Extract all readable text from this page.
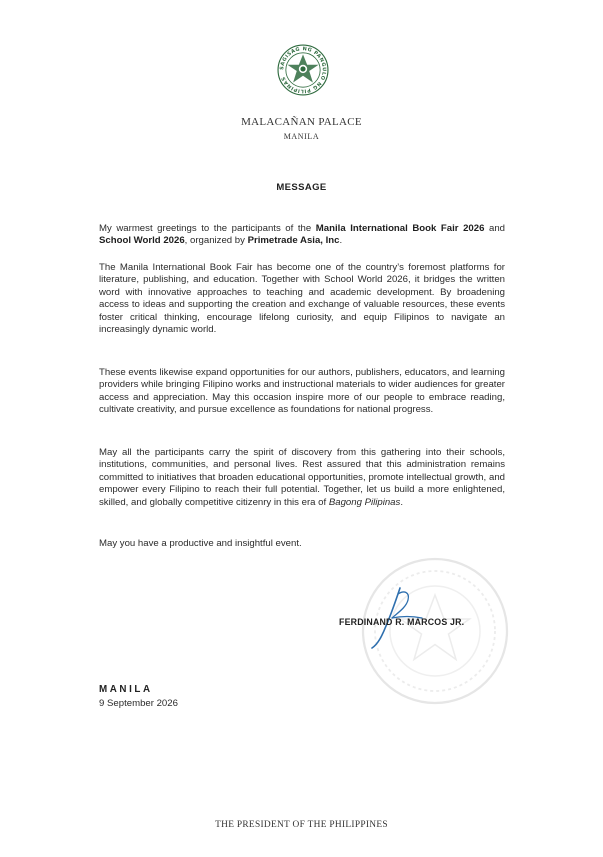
SAGISAG NG PANGULO NG PILIPINAS
MALACAÑAN PALACE
MANILA
MESSAGE
My warmest greetings to the participants of the Manila International Book Fair 2026 and School World 2026, organized by Primetrade Asia, Inc.
The Manila International Book Fair has become one of the country’s foremost platforms for literature, publishing, and education. Together with School World 2026, it bridges the written word with innovative approaches to teaching and academic development. By broadening access to ideas and supporting the creation and exchange of valuable resources, these events foster critical thinking, encourage lifelong curiosity, and equip Filipinos to navigate an increasingly dynamic world.
These events likewise expand opportunities for our authors, publishers, educators, and learning providers while bringing Filipino works and instructional materials to wider audiences for greater access and appreciation. May this occasion inspire more of our people to embrace reading, cultivate creativity, and pursue excellence as foundations for national progress.
May all the participants carry the spirit of discovery from this gathering into their schools, institutions, communities, and personal lives. Rest assured that this administration remains committed to initiatives that broaden educational opportunities, promote intellectual growth, and empower every Filipino to reach their full potential. Together, let us build a more enlightened, skilled, and globally competitive citizenry in this era of Bagong Pilipinas.
May you have a productive and insightful event.
FERDINAND R. MARCOS JR.
MANILA
9 September 2026
THE PRESIDENT OF THE PHILIPPINES
